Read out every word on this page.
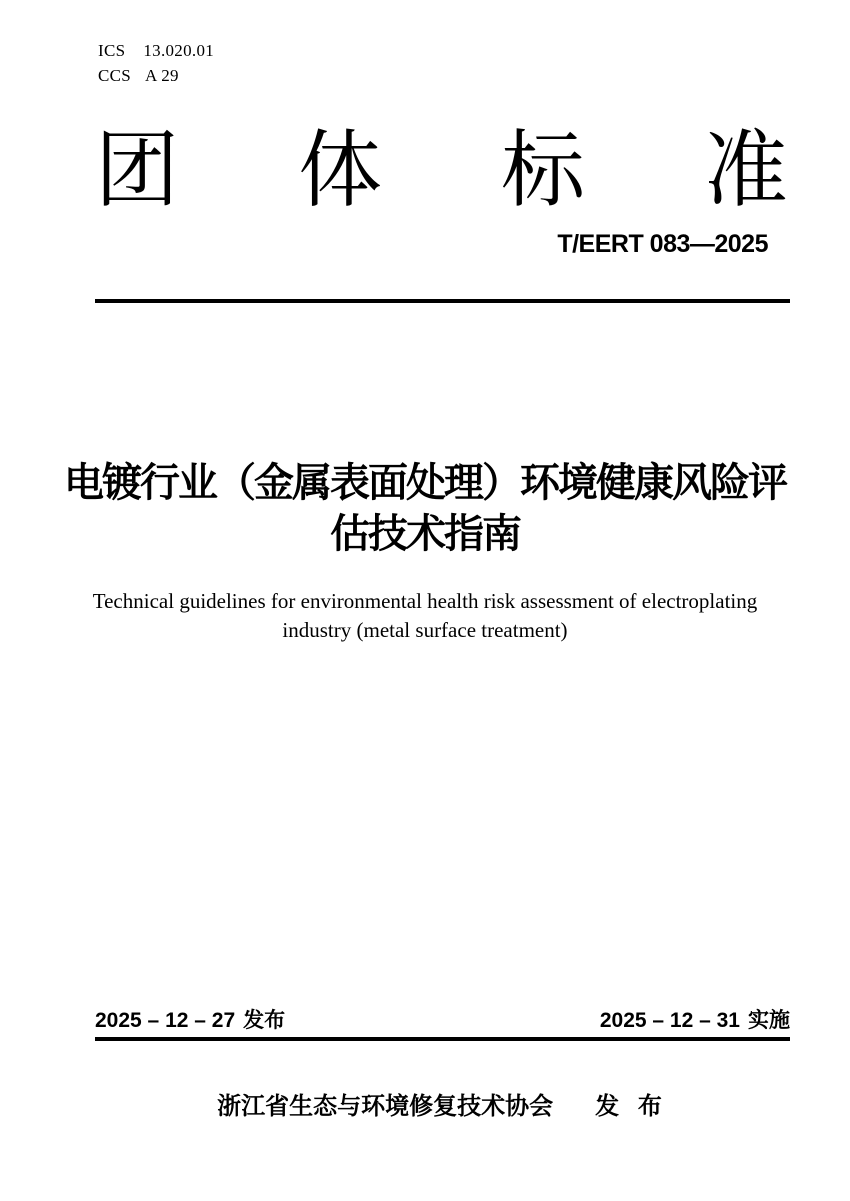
ICS 13.020.01
CCS A 29
团 体 标 准
T/EERT 083—2025
电镀行业（金属表面处理）环境健康风险评
估技术指南
Technical guidelines for environmental health risk assessment of electroplating
industry (metal surface treatment)
2025 – 12 – 27 发布	2025 – 12 – 31 实施
浙江省生态与环境修复技术协会 发 布
